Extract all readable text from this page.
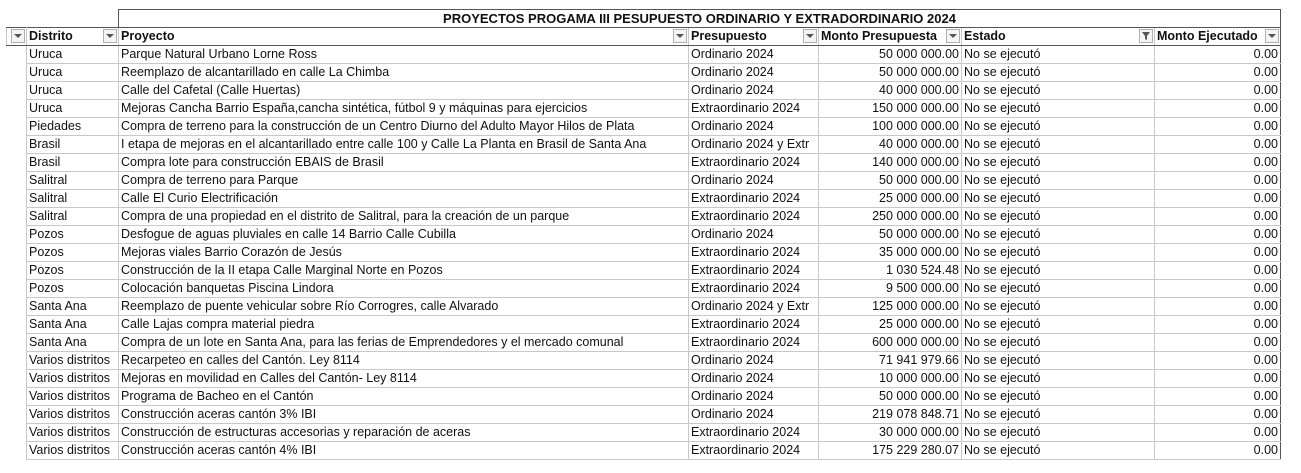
		PROYECTOS PROGAMA III PESUPUESTO ORDINARIO Y EXTRADORDINARIO 2024				

	Distrito	Proyecto	Presupuesto	Monto Presupuesta	Estado	Monto Ejecutado

	Uruca	Parque Natural Urbano Lorne Ross	Ordinario 2024	50 000 000.00	No se ejecutó	0.00
	Uruca	Reemplazo de alcantarillado en calle La Chimba	Ordinario 2024	50 000 000.00	No se ejecutó	0.00
	Uruca	Calle del Cafetal (Calle Huertas)	Ordinario 2024	40 000 000.00	No se ejecutó	0.00
	Uruca	Mejoras Cancha Barrio España,cancha sintética, fútbol 9 y máquinas para ejercicios	Extraordinario 2024	150 000 000.00	No se ejecutó	0.00
	Piedades	Compra de terreno para la construcción de un Centro Diurno del Adulto Mayor Hilos de Plata	Ordinario 2024	100 000 000.00	No se ejecutó	0.00
	Brasil	I etapa de mejoras en el alcantarillado entre calle 100 y Calle La Planta en Brasil de Santa Ana	Ordinario 2024 y Extr	40 000 000.00	No se ejecutó	0.00
	Brasil	Compra lote para construcción EBAIS de Brasil	Extraordinario 2024	140 000 000.00	No se ejecutó	0.00
	Salitral	Compra de terreno para Parque	Ordinario 2024	50 000 000.00	No se ejecutó	0.00
	Salitral	Calle El Curio Electrificación	Extraordinario 2024	25 000 000.00	No se ejecutó	0.00
	Salitral	Compra de una propiedad en el distrito de Salitral, para la creación de un parque	Extraordinario 2024	250 000 000.00	No se ejecutó	0.00
	Pozos	Desfogue de aguas pluviales en calle 14 Barrio Calle Cubilla	Ordinario 2024	50 000 000.00	No se ejecutó	0.00
	Pozos	Mejoras viales Barrio Corazón de Jesús	Extraordinario 2024	35 000 000.00	No se ejecutó	0.00
	Pozos	Construcción de la II etapa Calle Marginal Norte en Pozos	Extraordinario 2024	1 030 524.48	No se ejecutó	0.00
	Pozos	Colocación banquetas Piscina Lindora	Extraordinario 2024	9 500 000.00	No se ejecutó	0.00
	Santa Ana	Reemplazo de puente vehicular sobre Río Corrogres, calle Alvarado	Ordinario 2024 y Extr	125 000 000.00	No se ejecutó	0.00
	Santa Ana	Calle Lajas compra material piedra	Extraordinario 2024	25 000 000.00	No se ejecutó	0.00
	Santa Ana	Compra de un lote en Santa Ana, para las ferias de Emprendedores y el mercado comunal	Extraordinario 2024	600 000 000.00	No se ejecutó	0.00
	Varios distritos	Recarpeteo en calles del Cantón. Ley 8114	Ordinario 2024	71 941 979.66	No se ejecutó	0.00
	Varios distritos	Mejoras en movilidad en Calles del Cantón- Ley 8114	Ordinario 2024	10 000 000.00	No se ejecutó	0.00
	Varios distritos	Programa de Bacheo en el Cantón	Ordinario 2024	50 000 000.00	No se ejecutó	0.00
	Varios distritos	Construcción aceras cantón 3% IBI	Ordinario 2024	219 078 848.71	No se ejecutó	0.00
	Varios distritos	Construcción de estructuras accesorias y reparación de aceras	Extraordinario 2024	30 000 000.00	No se ejecutó	0.00
	Varios distritos	Construcción aceras cantón 4% IBI	Extraordinario 2024	175 229 280.07	No se ejecutó	0.00
